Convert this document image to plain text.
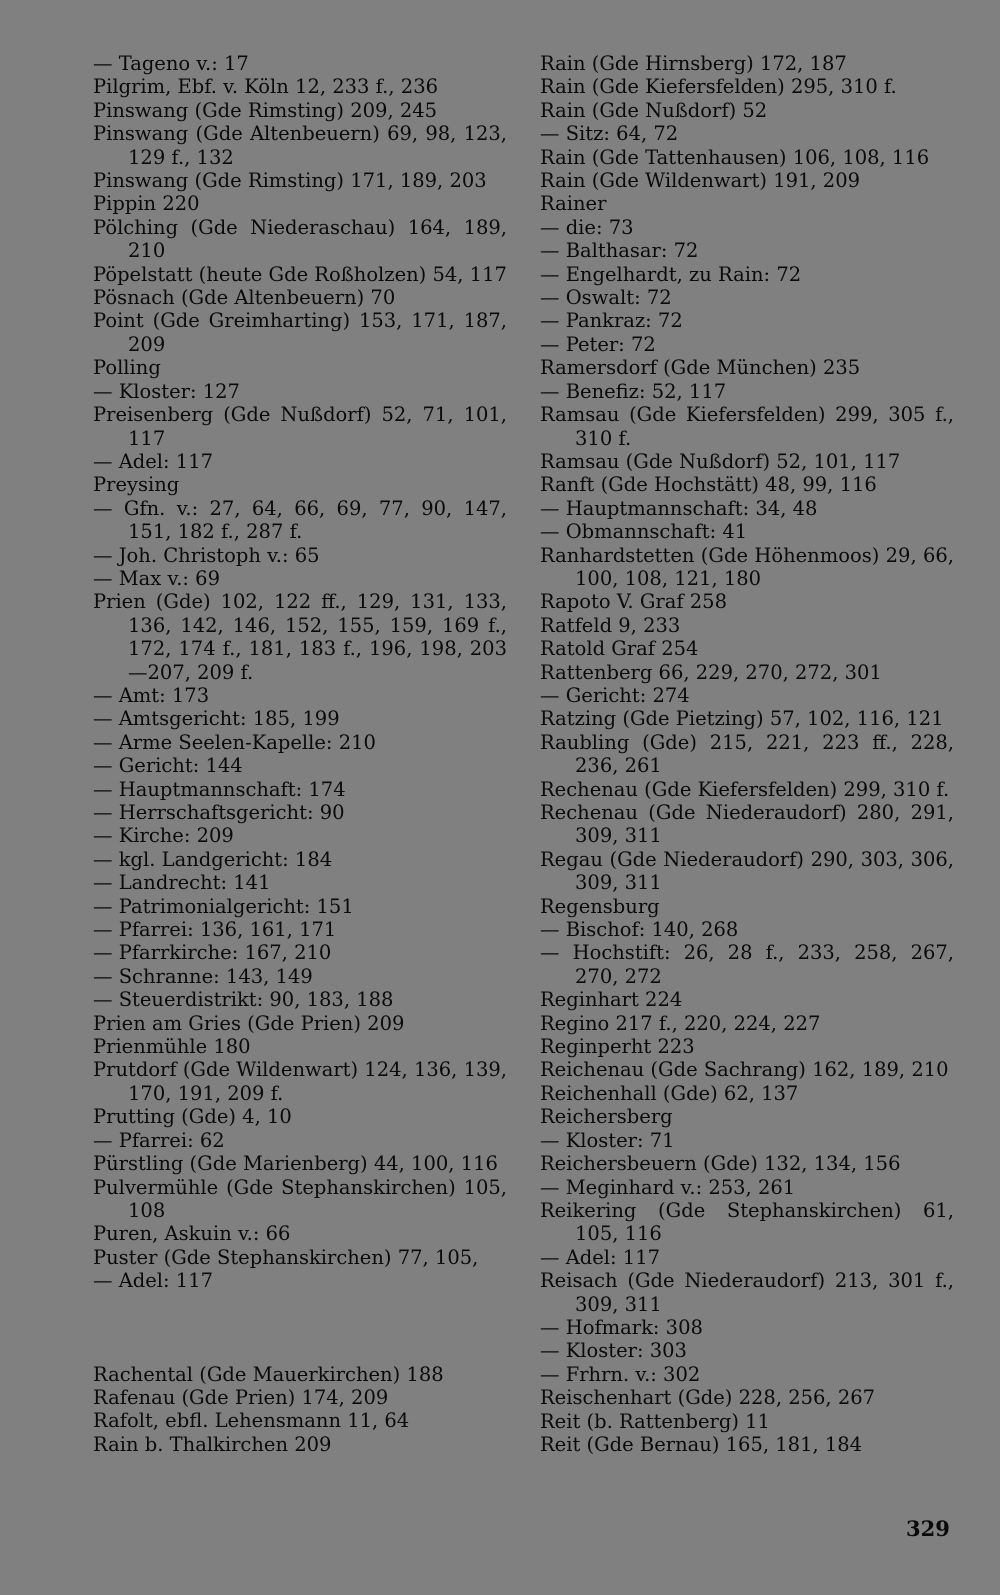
— Tageno v.: 17
Pilgrim, Ebf. v. Köln 12, 233 f., 236
Pinswang (Gde Rimsting) 209, 245
Pinswang (Gde Altenbeuern) 69, 98, 123, 129 f., 132
Pinswang (Gde Rimsting) 171, 189, 203
Pippin 220
Pölching (Gde Niederaschau) 164, 189, 210
Pöpelstatt (heute Gde Roßholzen) 54, 117
Pösnach (Gde Altenbeuern) 70
Point (Gde Greimharting) 153, 171, 187, 209
Polling
— Kloster: 127
Preisenberg (Gde Nußdorf) 52, 71, 101, 117
— Adel: 117
Preysing
— Gfn. v.: 27, 64, 66, 69, 77, 90, 147, 151, 182 f., 287 f.
— Joh. Christoph v.: 65
— Max v.: 69
Prien (Gde) 102, 122 ff., 129, 131, 133, 136, 142, 146, 152, 155, 159, 169 f., 172, 174 f., 181, 183 f., 196, 198, 203—207, 209 f.
— Amt: 173
— Amtsgericht: 185, 199
— Arme Seelen-Kapelle: 210
— Gericht: 144
— Hauptmannschaft: 174
— Herrschaftsgericht: 90
— Kirche: 209
— kgl. Landgericht: 184
— Landrecht: 141
— Patrimonialgericht: 151
— Pfarrei: 136, 161, 171
— Pfarrkirche: 167, 210
— Schranne: 143, 149
— Steuerdistrikt: 90, 183, 188
Prien am Gries (Gde Prien) 209
Prienmühle 180
Prutdorf (Gde Wildenwart) 124, 136, 139, 170, 191, 209 f.
Prutting (Gde) 4, 10
— Pfarrei: 62
Pürstling (Gde Marienberg) 44, 100, 116
Pulvermühle (Gde Stephanskirchen) 105, 108
Puren, Askuin v.: 66
Puster (Gde Stephanskirchen) 77, 105,
— Adel: 117
Rachental (Gde Mauerkirchen) 188
Rafenau (Gde Prien) 174, 209
Rafolt, ebfl. Lehensmann 11, 64
Rain b. Thalkirchen 209
Rain (Gde Hirnsberg) 172, 187
Rain (Gde Kiefersfelden) 295, 310 f.
Rain (Gde Nußdorf) 52
— Sitz: 64, 72
Rain (Gde Tattenhausen) 106, 108, 116
Rain (Gde Wildenwart) 191, 209
Rainer
— die: 73
— Balthasar: 72
— Engelhardt, zu Rain: 72
— Oswalt: 72
— Pankraz: 72
— Peter: 72
Ramersdorf (Gde München) 235
— Benefiz: 52, 117
Ramsau (Gde Kiefersfelden) 299, 305 f., 310 f.
Ramsau (Gde Nußdorf) 52, 101, 117
Ranft (Gde Hochstätt) 48, 99, 116
— Hauptmannschaft: 34, 48
— Obmannschaft: 41
Ranhardstetten (Gde Höhenmoos) 29, 66, 100, 108, 121, 180
Rapoto V. Graf 258
Ratfeld 9, 233
Ratold Graf 254
Rattenberg 66, 229, 270, 272, 301
— Gericht: 274
Ratzing (Gde Pietzing) 57, 102, 116, 121
Raubling (Gde) 215, 221, 223 ff., 228, 236, 261
Rechenau (Gde Kiefersfelden) 299, 310 f.
Rechenau (Gde Niederaudorf) 280, 291, 309, 311
Regau (Gde Niederaudorf) 290, 303, 306, 309, 311
Regensburg
— Bischof: 140, 268
— Hochstift: 26, 28 f., 233, 258, 267, 270, 272
Reginhart 224
Regino 217 f., 220, 224, 227
Reginperht 223
Reichenau (Gde Sachrang) 162, 189, 210
Reichenhall (Gde) 62, 137
Reichersberg
— Kloster: 71
Reichersbeuern (Gde) 132, 134, 156
— Meginhard v.: 253, 261
Reikering (Gde Stephanskirchen) 61, 105, 116
— Adel: 117
Reisach (Gde Niederaudorf) 213, 301 f., 309, 311
— Hofmark: 308
— Kloster: 303
— Frhrn. v.: 302
Reischenhart (Gde) 228, 256, 267
Reit (b. Rattenberg) 11
Reit (Gde Bernau) 165, 181, 184
329
